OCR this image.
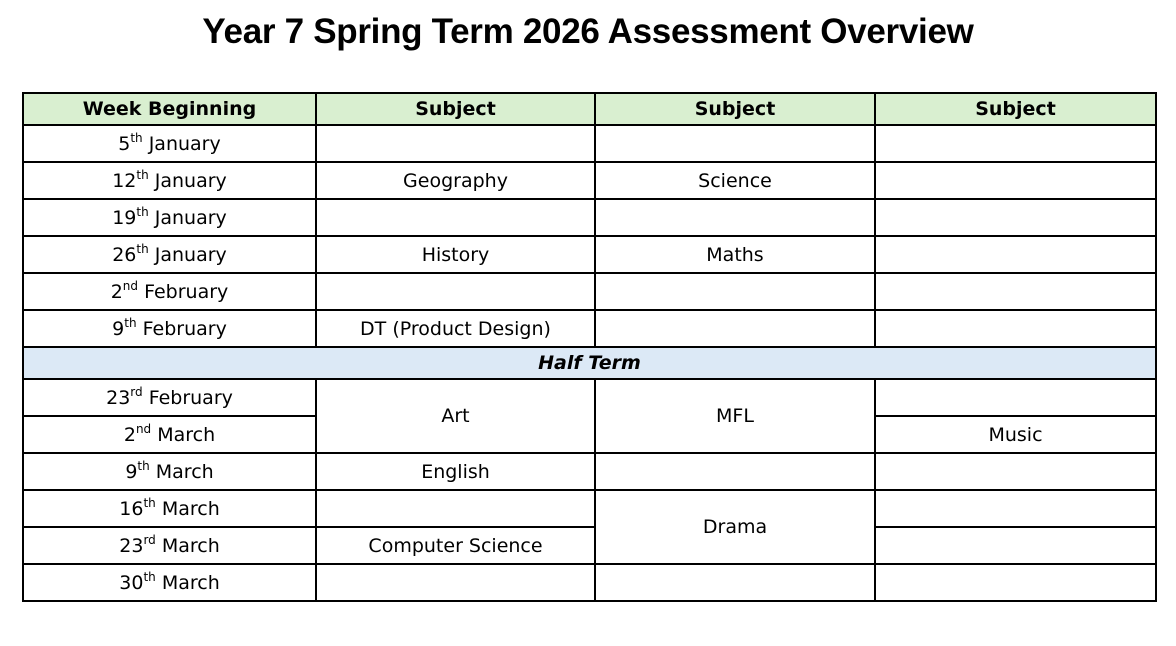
Year 7 Spring Term 2026 Assessment Overview
Week Beginning	Subject	Subject	Subject
5th January			
12th January	Geography	Science	
19th January			
26th January	History	Maths	
2nd February			
9th February	DT (Product Design)		
Half Term			
23rd February	Art	MFL	
2nd March			Music
9th March	English		
16th March		Drama	
23rd March	Computer Science		
30th March			
